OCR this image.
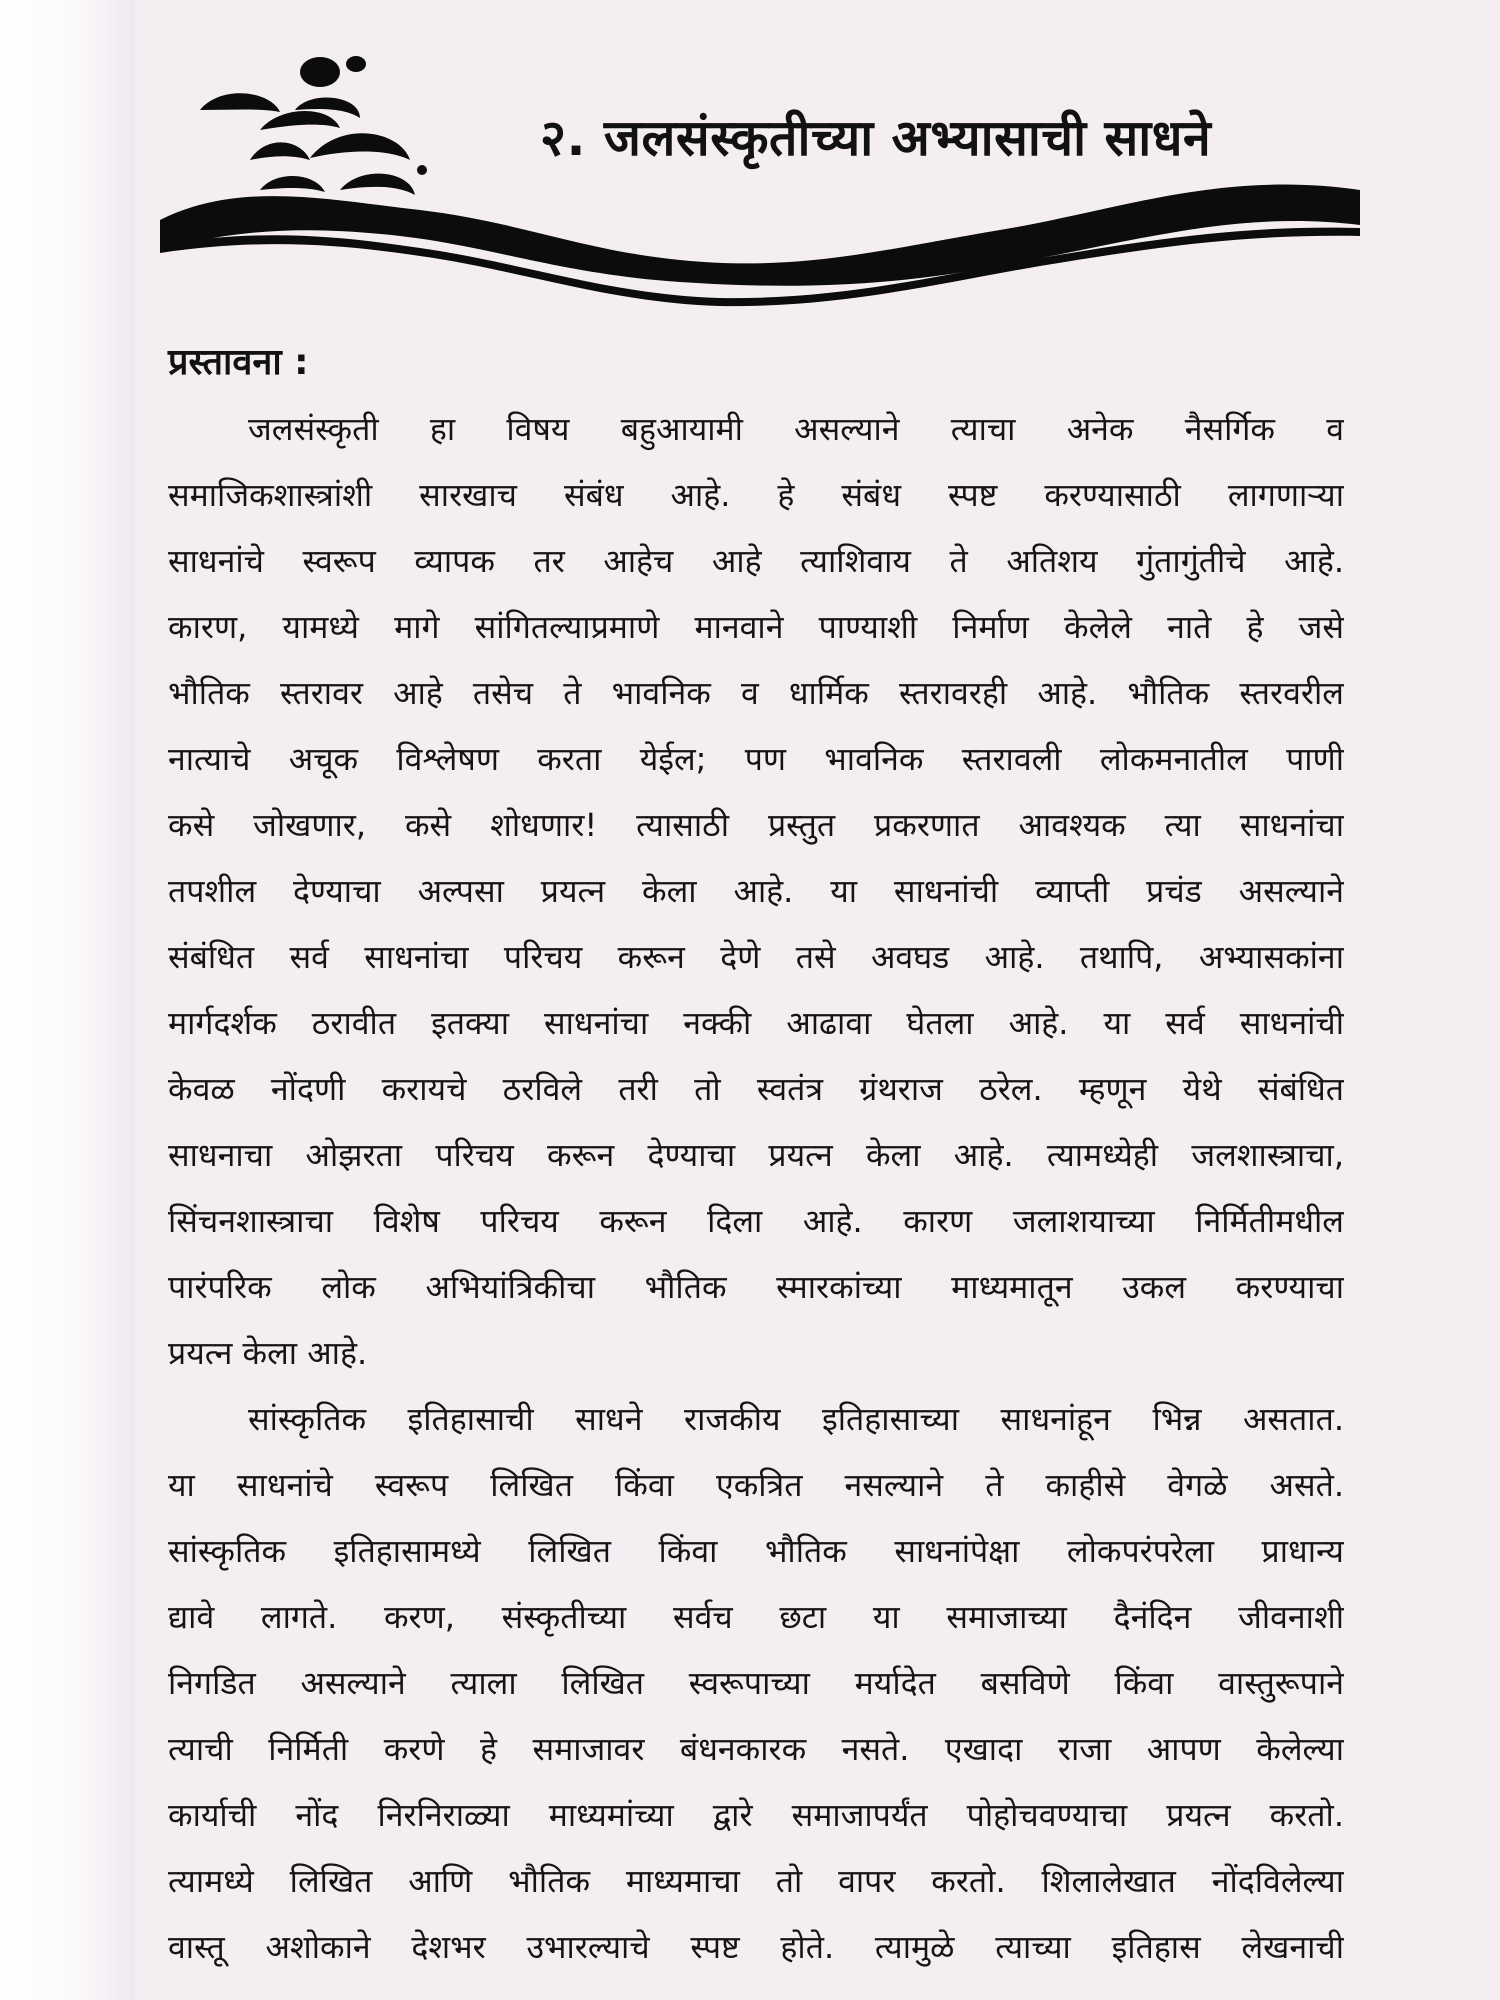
२. जलसंस्कृतीच्या अभ्यासाची साधने
प्रस्तावना :
जलसंस्कृती हा विषय बहुआयामी असल्याने त्याचा अनेक नैसर्गिक व
समाजिकशास्त्रांशी सारखाच संबंध आहे. हे संबंध स्पष्ट करण्यासाठी लागणाऱ्या
साधनांचे स्वरूप व्यापक तर आहेच आहे त्याशिवाय ते अतिशय गुंतागुंतीचे आहे.
कारण, यामध्ये मागे सांगितल्याप्रमाणे मानवाने पाण्याशी निर्माण केलेले नाते हे जसे
भौतिक स्तरावर आहे तसेच ते भावनिक व धार्मिक स्तरावरही आहे. भौतिक स्तरवरील
नात्याचे अचूक विश्लेषण करता येईल; पण भावनिक स्तरावली लोकमनातील पाणी
कसे जोखणार, कसे शोधणार! त्यासाठी प्रस्तुत प्रकरणात आवश्यक त्या साधनांचा
तपशील देण्याचा अल्पसा प्रयत्न केला आहे. या साधनांची व्याप्ती प्रचंड असल्याने
संबंधित सर्व साधनांचा परिचय करून देणे तसे अवघड आहे. तथापि, अभ्यासकांना
मार्गदर्शक ठरावीत इतक्या साधनांचा नक्की आढावा घेतला आहे. या सर्व साधनांची
केवळ नोंदणी करायचे ठरविले तरी तो स्वतंत्र ग्रंथराज ठरेल. म्हणून येथे संबंधित
साधनाचा ओझरता परिचय करून देण्याचा प्रयत्न केला आहे. त्यामध्येही जलशास्त्राचा,
सिंचनशास्त्राचा विशेष परिचय करून दिला आहे. कारण जलाशयाच्या निर्मितीमधील
पारंपरिक लोक अभियांत्रिकीचा भौतिक स्मारकांच्या माध्यमातून उकल करण्याचा
प्रयत्न केला आहे.
सांस्कृतिक इतिहासाची साधने राजकीय इतिहासाच्या साधनांहून भिन्न असतात.
या साधनांचे स्वरूप लिखित किंवा एकत्रित नसल्याने ते काहीसे वेगळे असते.
सांस्कृतिक इतिहासामध्ये लिखित किंवा भौतिक साधनांपेक्षा लोकपरंपरेला प्राधान्य
द्यावे लागते. करण, संस्कृतीच्या सर्वच छटा या समाजाच्या दैनंदिन जीवनाशी
निगडित असल्याने त्याला लिखित स्वरूपाच्या मर्यादेत बसविणे किंवा वास्तुरूपाने
त्याची निर्मिती करणे हे समाजावर बंधनकारक नसते. एखादा राजा आपण केलेल्या
कार्याची नोंद निरनिराळ्या माध्यमांच्या द्वारे समाजापर्यंत पोहोचवण्याचा प्रयत्न करतो.
त्यामध्ये लिखित आणि भौतिक माध्यमाचा तो वापर करतो. शिलालेखात नोंदविलेल्या
वास्तू अशोकाने देशभर उभारल्याचे स्पष्ट होते. त्यामुळे त्याच्या इतिहास लेखनाची
